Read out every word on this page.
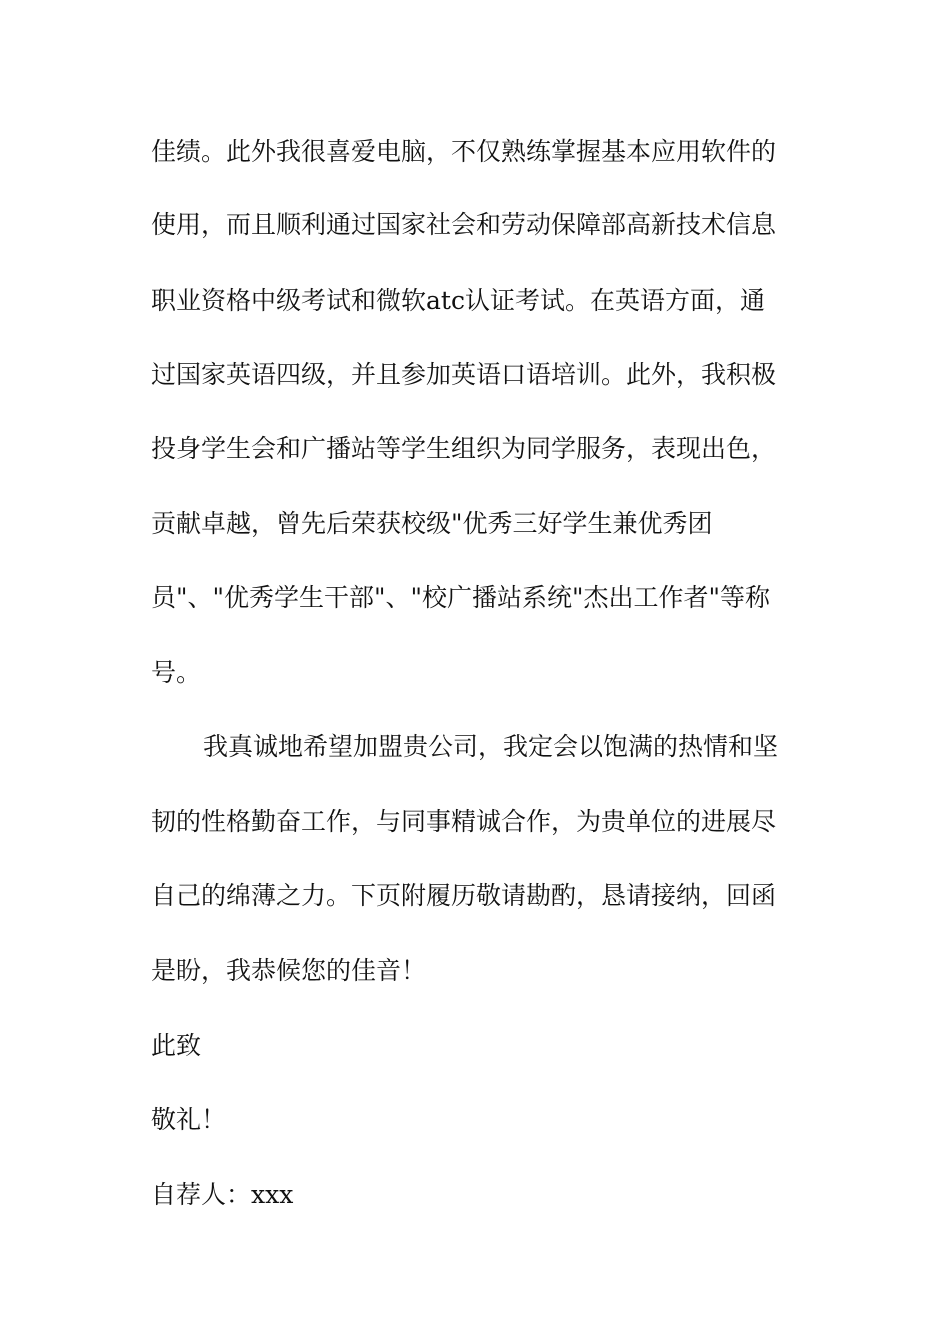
佳绩。此外我很喜爱电脑，不仅熟练掌握基本应用软件的
使用，而且顺利通过国家社会和劳动保障部高新技术信息
职业资格中级考试和微软atc认证考试。在英语方面，通
过国家英语四级，并且参加英语口语培训。此外，我积极
投身学生会和广播站等学生组织为同学服务，表现出色，
贡献卓越，曾先后荣获校级"优秀三好学生兼优秀团
员"、"优秀学生干部"、"校广播站系统"杰出工作者"等称
号。
我真诚地希望加盟贵公司，我定会以饱满的热情和坚
韧的性格勤奋工作，与同事精诚合作，为贵单位的进展尽
自己的绵薄之力。下页附履历敬请勘酌，恳请接纳，回函
是盼，我恭候您的佳音！
此致
敬礼！
自荐人：xxx
